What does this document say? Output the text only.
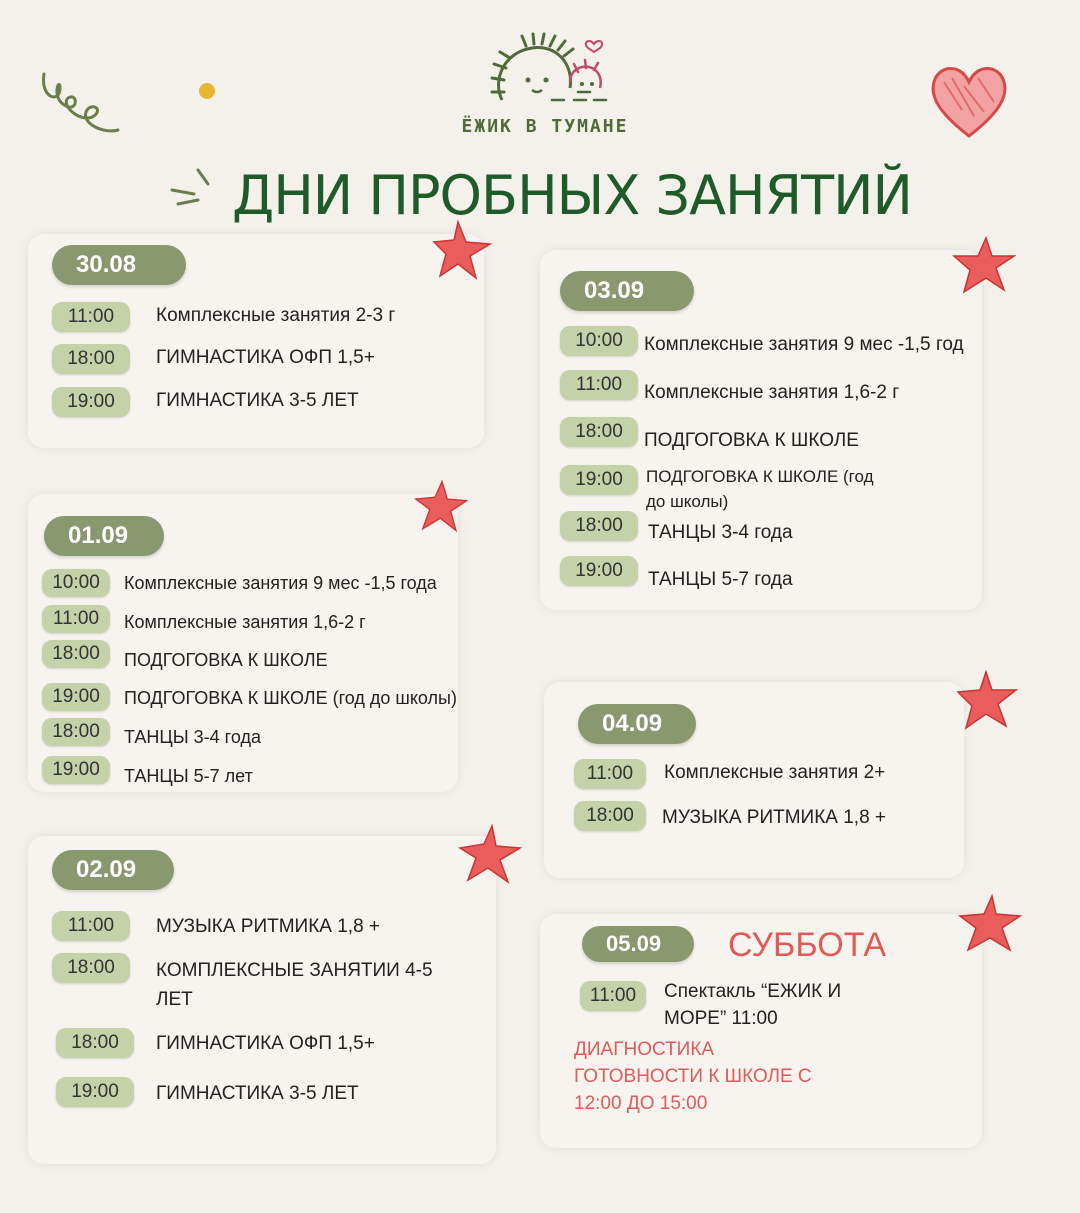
ЁЖИК В ТУМАНЕ
ДНИ ПРОБНЫХ ЗАНЯТИЙ
30.08
11:00	Комплексные занятия 2-3 г
18:00	ГИМНАСТИКА ОФП 1,5+
19:00	ГИМНАСТИКА 3-5 ЛЕТ
01.09
10:00	Комплексные занятия 9 мес -1,5 года
11:00	Комплексные занятия 1,6-2 г
18:00	ПОДГОГОВКА К ШКОЛЕ
19:00	ПОДГОГОВКА К ШКОЛЕ (год до школы)
18:00	ТАНЦЫ 3-4 года
19:00	ТАНЦЫ 5-7 лет
02.09
11:00	МУЗЫКА РИТМИКА 1,8 +
18:00	КОМПЛЕКСНЫЕ ЗАНЯТИИ 4-5 ЛЕТ
18:00	ГИМНАСТИКА ОФП 1,5+
19:00	ГИМНАСТИКА 3-5 ЛЕТ
03.09
10:00	Комплексные занятия 9 мес -1,5 год
11:00	Комплексные занятия 1,6-2 г
18:00	ПОДГОГОВКА К ШКОЛЕ
19:00	ПОДГОГОВКА К ШКОЛЕ (год до школы)
18:00	ТАНЦЫ 3-4 года
19:00	ТАНЦЫ 5-7 года
04.09
11:00	Комплексные занятия 2+
18:00	МУЗЫКА РИТМИКА 1,8 +
05.09	СУББОТА
11:00	Спектакль “ЕЖИК И МОРЕ” 11:00
ДИАГНОСТИКА ГОТОВНОСТИ К ШКОЛЕ С 12:00 ДО 15:00
